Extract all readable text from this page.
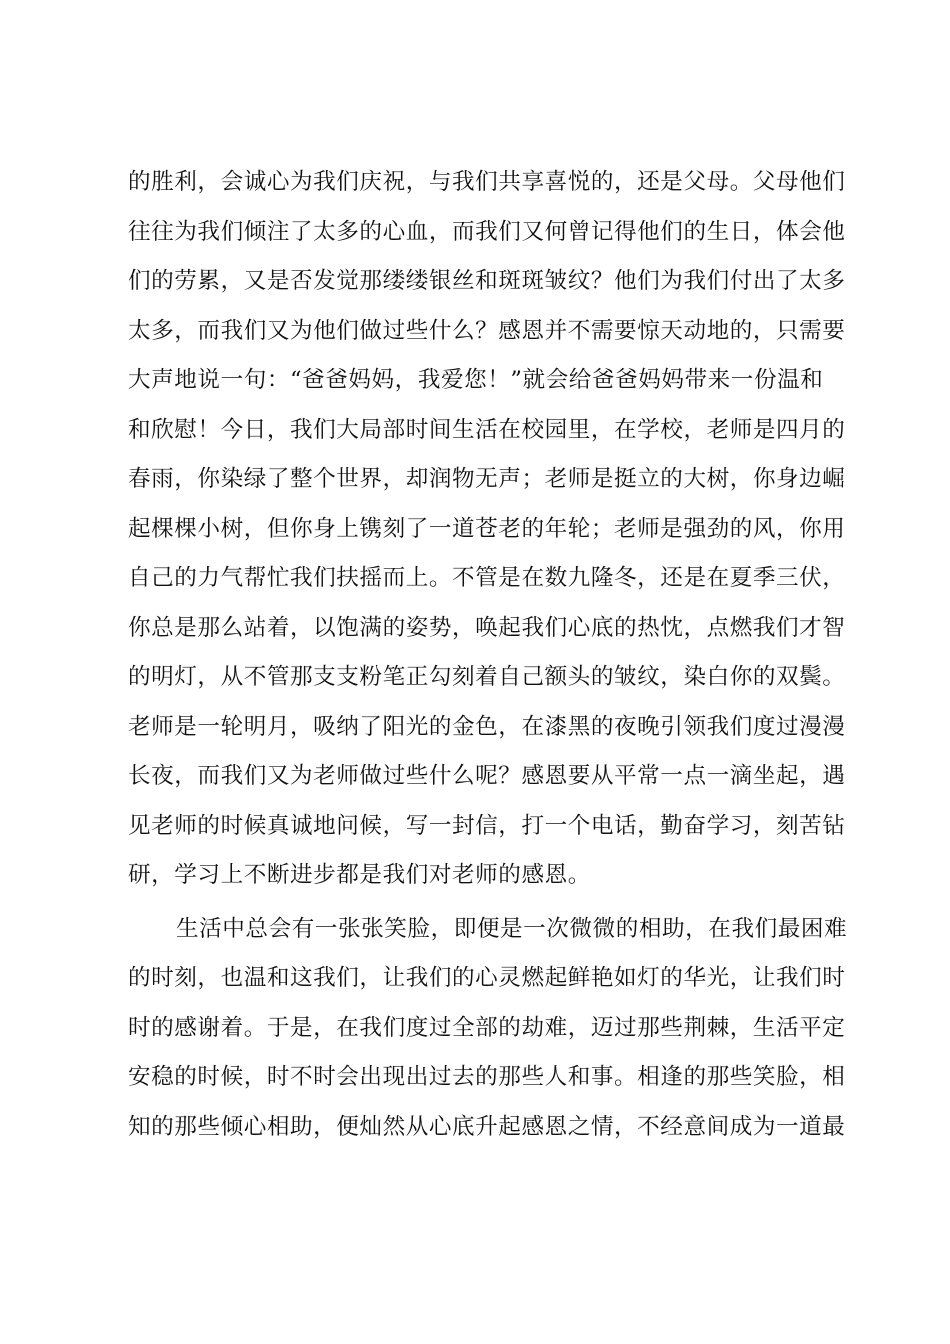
的胜利，会诚心为我们庆祝，与我们共享喜悦的，还是父母。父母他们
往往为我们倾注了太多的心血，而我们又何曾记得他们的生日，体会他
们的劳累，又是否发觉那缕缕银丝和斑斑皱纹？他们为我们付出了太多
太多，而我们又为他们做过些什么？感恩并不需要惊天动地的，只需要
大声地说一句：“爸爸妈妈，我爱您！”就会给爸爸妈妈带来一份温和
和欣慰！今日，我们大局部时间生活在校园里，在学校，老师是四月的
春雨，你染绿了整个世界，却润物无声；老师是挺立的大树，你身边崛
起棵棵小树，但你身上镌刻了一道苍老的年轮；老师是强劲的风，你用
自己的力气帮忙我们扶摇而上。不管是在数九隆冬，还是在夏季三伏，
你总是那么站着，以饱满的姿势，唤起我们心底的热忱，点燃我们才智
的明灯，从不管那支支粉笔正勾刻着自己额头的皱纹，染白你的双鬓。
老师是一轮明月，吸纳了阳光的金色，在漆黑的夜晚引领我们度过漫漫
长夜，而我们又为老师做过些什么呢？感恩要从平常一点一滴坐起，遇
见老师的时候真诚地问候，写一封信，打一个电话，勤奋学习，刻苦钻
研，学习上不断进步都是我们对老师的感恩。
生活中总会有一张张笑脸，即便是一次微微的相助，在我们最困难
的时刻，也温和这我们，让我们的心灵燃起鲜艳如灯的华光，让我们时
时的感谢着。于是，在我们度过全部的劫难，迈过那些荆棘，生活平定
安稳的时候，时不时会出现出过去的那些人和事。相逢的那些笑脸，相
知的那些倾心相助，便灿然从心底升起感恩之情，不经意间成为一道最
